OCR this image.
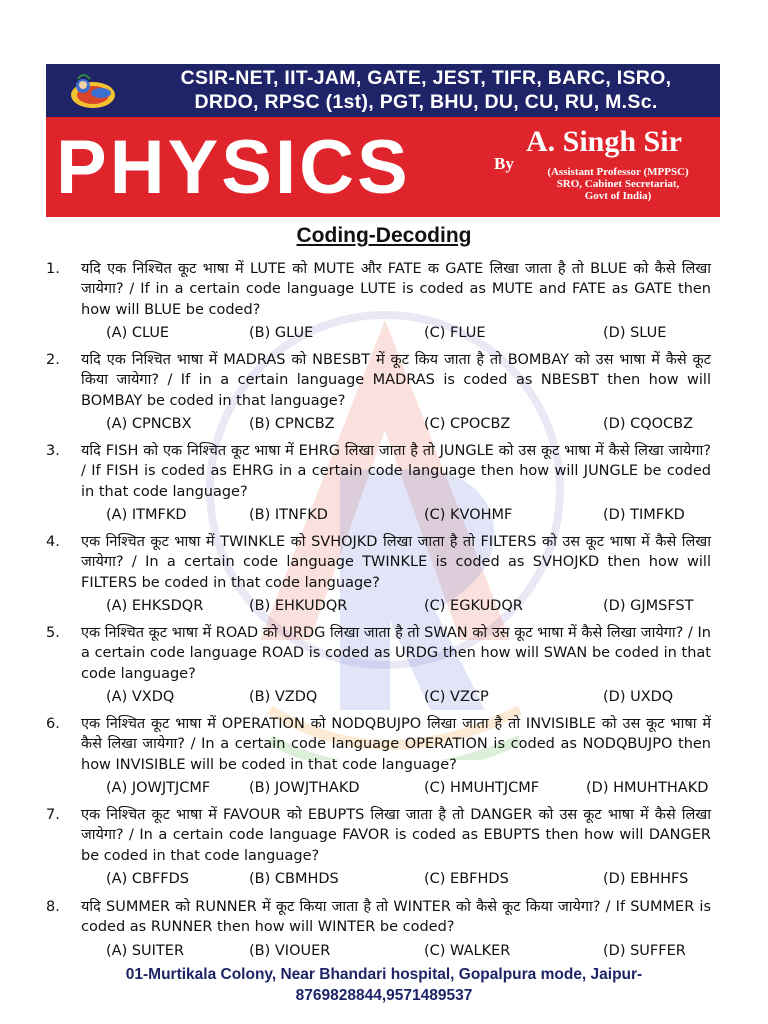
CSIR-NET, IIT-JAM, GATE, JEST, TIFR, BARC, ISRO,
DRDO, RPSC (1st), PGT, BHU, DU, CU, RU, M.Sc.
PHYSICS	By
A. Singh Sir
(Assistant Professor (MPPSC)
SRO, Cabinet Secretariat,
Govt of India)
Coding-Decoding
1. यदि एक निश्चित कूट भाषा में LUTE को MUTE और FATE क GATE लिखा जाता है तो BLUE को कैसे लिखा जायेगा? / If in a certain code language LUTE is coded as MUTE and FATE as GATE then how will BLUE be coded?
(A) CLUE	(B) GLUE	(C) FLUE	(D) SLUE
2. यदि एक निश्चित भाषा में MADRAS को NBESBT में कूट किय जाता है तो BOMBAY को उस भाषा में कैसे कूट किया जायेगा? / If in a certain language MADRAS is coded as NBESBT then how will BOMBAY be coded in that language?
(A) CPNCBX	(B) CPNCBZ	(C) CPOCBZ	(D) CQOCBZ
3. यदि FISH को एक निश्चित कूट भाषा में EHRG लिखा जाता है तो JUNGLE को उस कूट भाषा में कैसे लिखा जायेगा? / If FISH is coded as EHRG in a certain code language then how will JUNGLE be coded in that code language?
(A) ITMFKD	(B) ITNFKD	(C) KVOHMF	(D) TIMFKD
4. एक निश्चित कूट भाषा में TWINKLE को SVHOJKD लिखा जाता है तो FILTERS को उस कूट भाषा में कैसे लिखा जायेगा? / In a certain code language TWINKLE is coded as SVHOJKD then how will FILTERS be coded in that code language?
(A) EHKSDQR	(B) EHKUDQR	(C) EGKUDQR	(D) GJMSFST
5. एक निश्चित कूट भाषा में ROAD को URDG लिखा जाता है तो SWAN को उस कूट भाषा में कैसे लिखा जायेगा? / In a certain code language ROAD is coded as URDG then how will SWAN be coded in that code language?
(A) VXDQ	(B) VZDQ	(C) VZCP	(D) UXDQ
6. एक निश्चित कूट भाषा में OPERATION को NODQBUJPO लिखा जाता है तो INVISIBLE को उस कूट भाषा में कैसे लिखा जायेगा? / In a certain code language OPERATION is coded as NODQBUJPO then how INVISIBLE will be coded in that code language?
(A) JOWJTJCMF	(B) JOWJTHAKD	(C) HMUHTJCMF	(D) HMUHTHAKD
7. एक निश्चित कूट भाषा में FAVOUR को EBUPTS लिखा जाता है तो DANGER को उस कूट भाषा में कैसे लिखा जायेगा? / In a certain code language FAVOR is coded as EBUPTS then how will DANGER be coded in that code language?
(A) CBFFDS	(B) CBMHDS	(C) EBFHDS	(D) EBHHFS
8. यदि SUMMER को RUNNER में कूट किया जाता है तो WINTER को कैसे कूट किया जायेगा? / If SUMMER is coded as RUNNER then how will WINTER be coded?
(A) SUITER	(B) VIOUER	(C) WALKER	(D) SUFFER
01-Murtikala Colony, Near Bhandari hospital, Gopalpura mode, Jaipur-
8769828844,9571489537
